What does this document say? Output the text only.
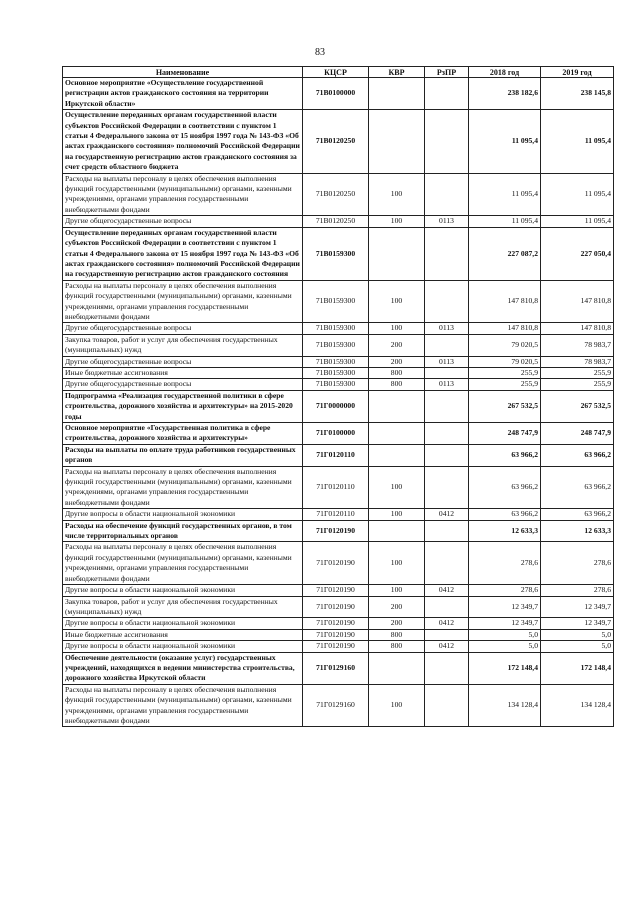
83
Наименование	КЦСР	КВР	РзПР	2018 год	2019 год
Основное мероприятие «Осуществление государственной регистрации актов гражданского состояния на территории Иркутской области»	71В0100000			238 182,6	238 145,8
Осуществление переданных органам государственной власти субъектов Российской Федерации в соответствии с пунктом 1 статьи 4 Федерального закона от 15 ноября 1997 года № 143-ФЗ «Об актах гражданского состояния» полномочий Российской Федерации на государственную регистрацию актов гражданского состояния за счет средств областного бюджета	71В0120250			11 095,4	11 095,4
Расходы на выплаты персоналу в целях обеспечения выполнения функций государственными (муниципальными) органами, казенными учреждениями, органами управления государственными внебюджетными фондами	71В0120250	100		11 095,4	11 095,4
Другие общегосударственные вопросы	71В0120250	100	0113	11 095,4	11 095,4
Осуществление переданных органам государственной власти субъектов Российской Федерации в соответствии с пунктом 1 статьи 4 Федерального закона от 15 ноября 1997 года № 143-ФЗ «Об актах гражданского состояния» полномочий Российской Федерации на государственную регистрацию актов гражданского состояния	71В0159300			227 087,2	227 050,4
Расходы на выплаты персоналу в целях обеспечения выполнения функций государственными (муниципальными) органами, казенными учреждениями, органами управления государственными внебюджетными фондами	71В0159300	100		147 810,8	147 810,8
Другие общегосударственные вопросы	71В0159300	100	0113	147 810,8	147 810,8
Закупка товаров, работ и услуг для обеспечения государственных (муниципальных) нужд	71В0159300	200		79 020,5	78 983,7
Другие общегосударственные вопросы	71В0159300	200	0113	79 020,5	78 983,7
Иные бюджетные ассигнования	71В0159300	800		255,9	255,9
Другие общегосударственные вопросы	71В0159300	800	0113	255,9	255,9
Подпрограмма «Реализация государственной политики в сфере строительства, дорожного хозяйства и архитектуры» на 2015-2020 годы	71Г0000000			267 532,5	267 532,5
Основное мероприятие «Государственная политика в сфере строительства, дорожного хозяйства и архитектуры»	71Г0100000			248 747,9	248 747,9
Расходы на выплаты по оплате труда работников государственных органов	71Г0120110			63 966,2	63 966,2
Расходы на выплаты персоналу в целях обеспечения выполнения функций государственными (муниципальными) органами, казенными учреждениями, органами управления государственными внебюджетными фондами	71Г0120110	100		63 966,2	63 966,2
Другие вопросы в области национальной экономики	71Г0120110	100	0412	63 966,2	63 966,2
Расходы на обеспечение функций государственных органов, в том числе территориальных органов	71Г0120190			12 633,3	12 633,3
Расходы на выплаты персоналу в целях обеспечения выполнения функций государственными (муниципальными) органами, казенными учреждениями, органами управления государственными внебюджетными фондами	71Г0120190	100		278,6	278,6
Другие вопросы в области национальной экономики	71Г0120190	100	0412	278,6	278,6
Закупка товаров, работ и услуг для обеспечения государственных (муниципальных) нужд	71Г0120190	200		12 349,7	12 349,7
Другие вопросы в области национальной экономики	71Г0120190	200	0412	12 349,7	12 349,7
Иные бюджетные ассигнования	71Г0120190	800		5,0	5,0
Другие вопросы в области национальной экономики	71Г0120190	800	0412	5,0	5,0
Обеспечение деятельности (оказание услуг) государственных учреждений, находящихся в ведении министерства строительства, дорожного хозяйства Иркутской области	71Г0129160			172 148,4	172 148,4
Расходы на выплаты персоналу в целях обеспечения выполнения функций государственными (муниципальными) органами, казенными учреждениями, органами управления государственными внебюджетными фондами	71Г0129160	100		134 128,4	134 128,4
